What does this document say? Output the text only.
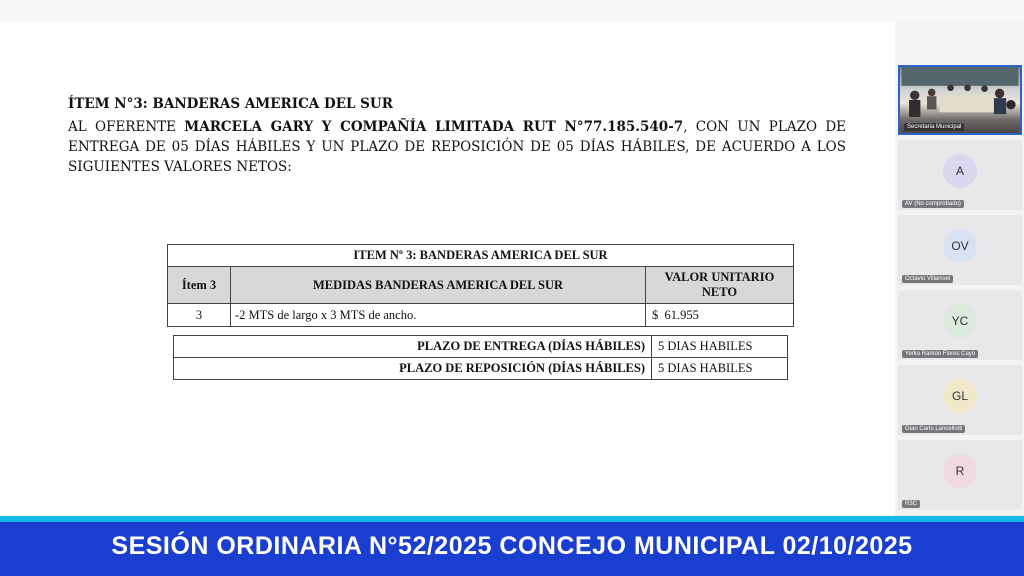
ÍTEM N°3: BANDERAS AMERICA DEL SUR
AL OFERENTE MARCELA GARY Y COMPAÑÍA LIMITADA RUT N°77.185.540-7, CON UN PLAZO DE ENTREGA DE 05 DÍAS HÁBILES Y UN PLAZO DE REPOSICIÓN DE 05 DÍAS HÁBILES, DE ACUERDO A LOS SIGUIENTES VALORES NETOS:
ITEM Nº 3: BANDERAS AMERICA DEL SUR		
Ítem 3	MEDIDAS BANDERAS AMERICA DEL SUR	VALOR UNITARIO NETO
3	-2 MTS de largo x 3 MTS de ancho.	$ 61.955
PLAZO DE ENTREGA (DÍAS HÁBILES)	5 DIAS HABILES
PLAZO DE REPOSICIÓN (DÍAS HÁBILES)	5 DIAS HABILES
Secretaria Municipal
A
AV (No comprobado)
OV
Octavio Villarroel
YC
Yerko Ramón Flores Cayo
GL
Gian Carlo Lancellotti
R
R3C
SESIÓN ORDINARIA N°52/2025 CONCEJO MUNICIPAL 02/10/2025
